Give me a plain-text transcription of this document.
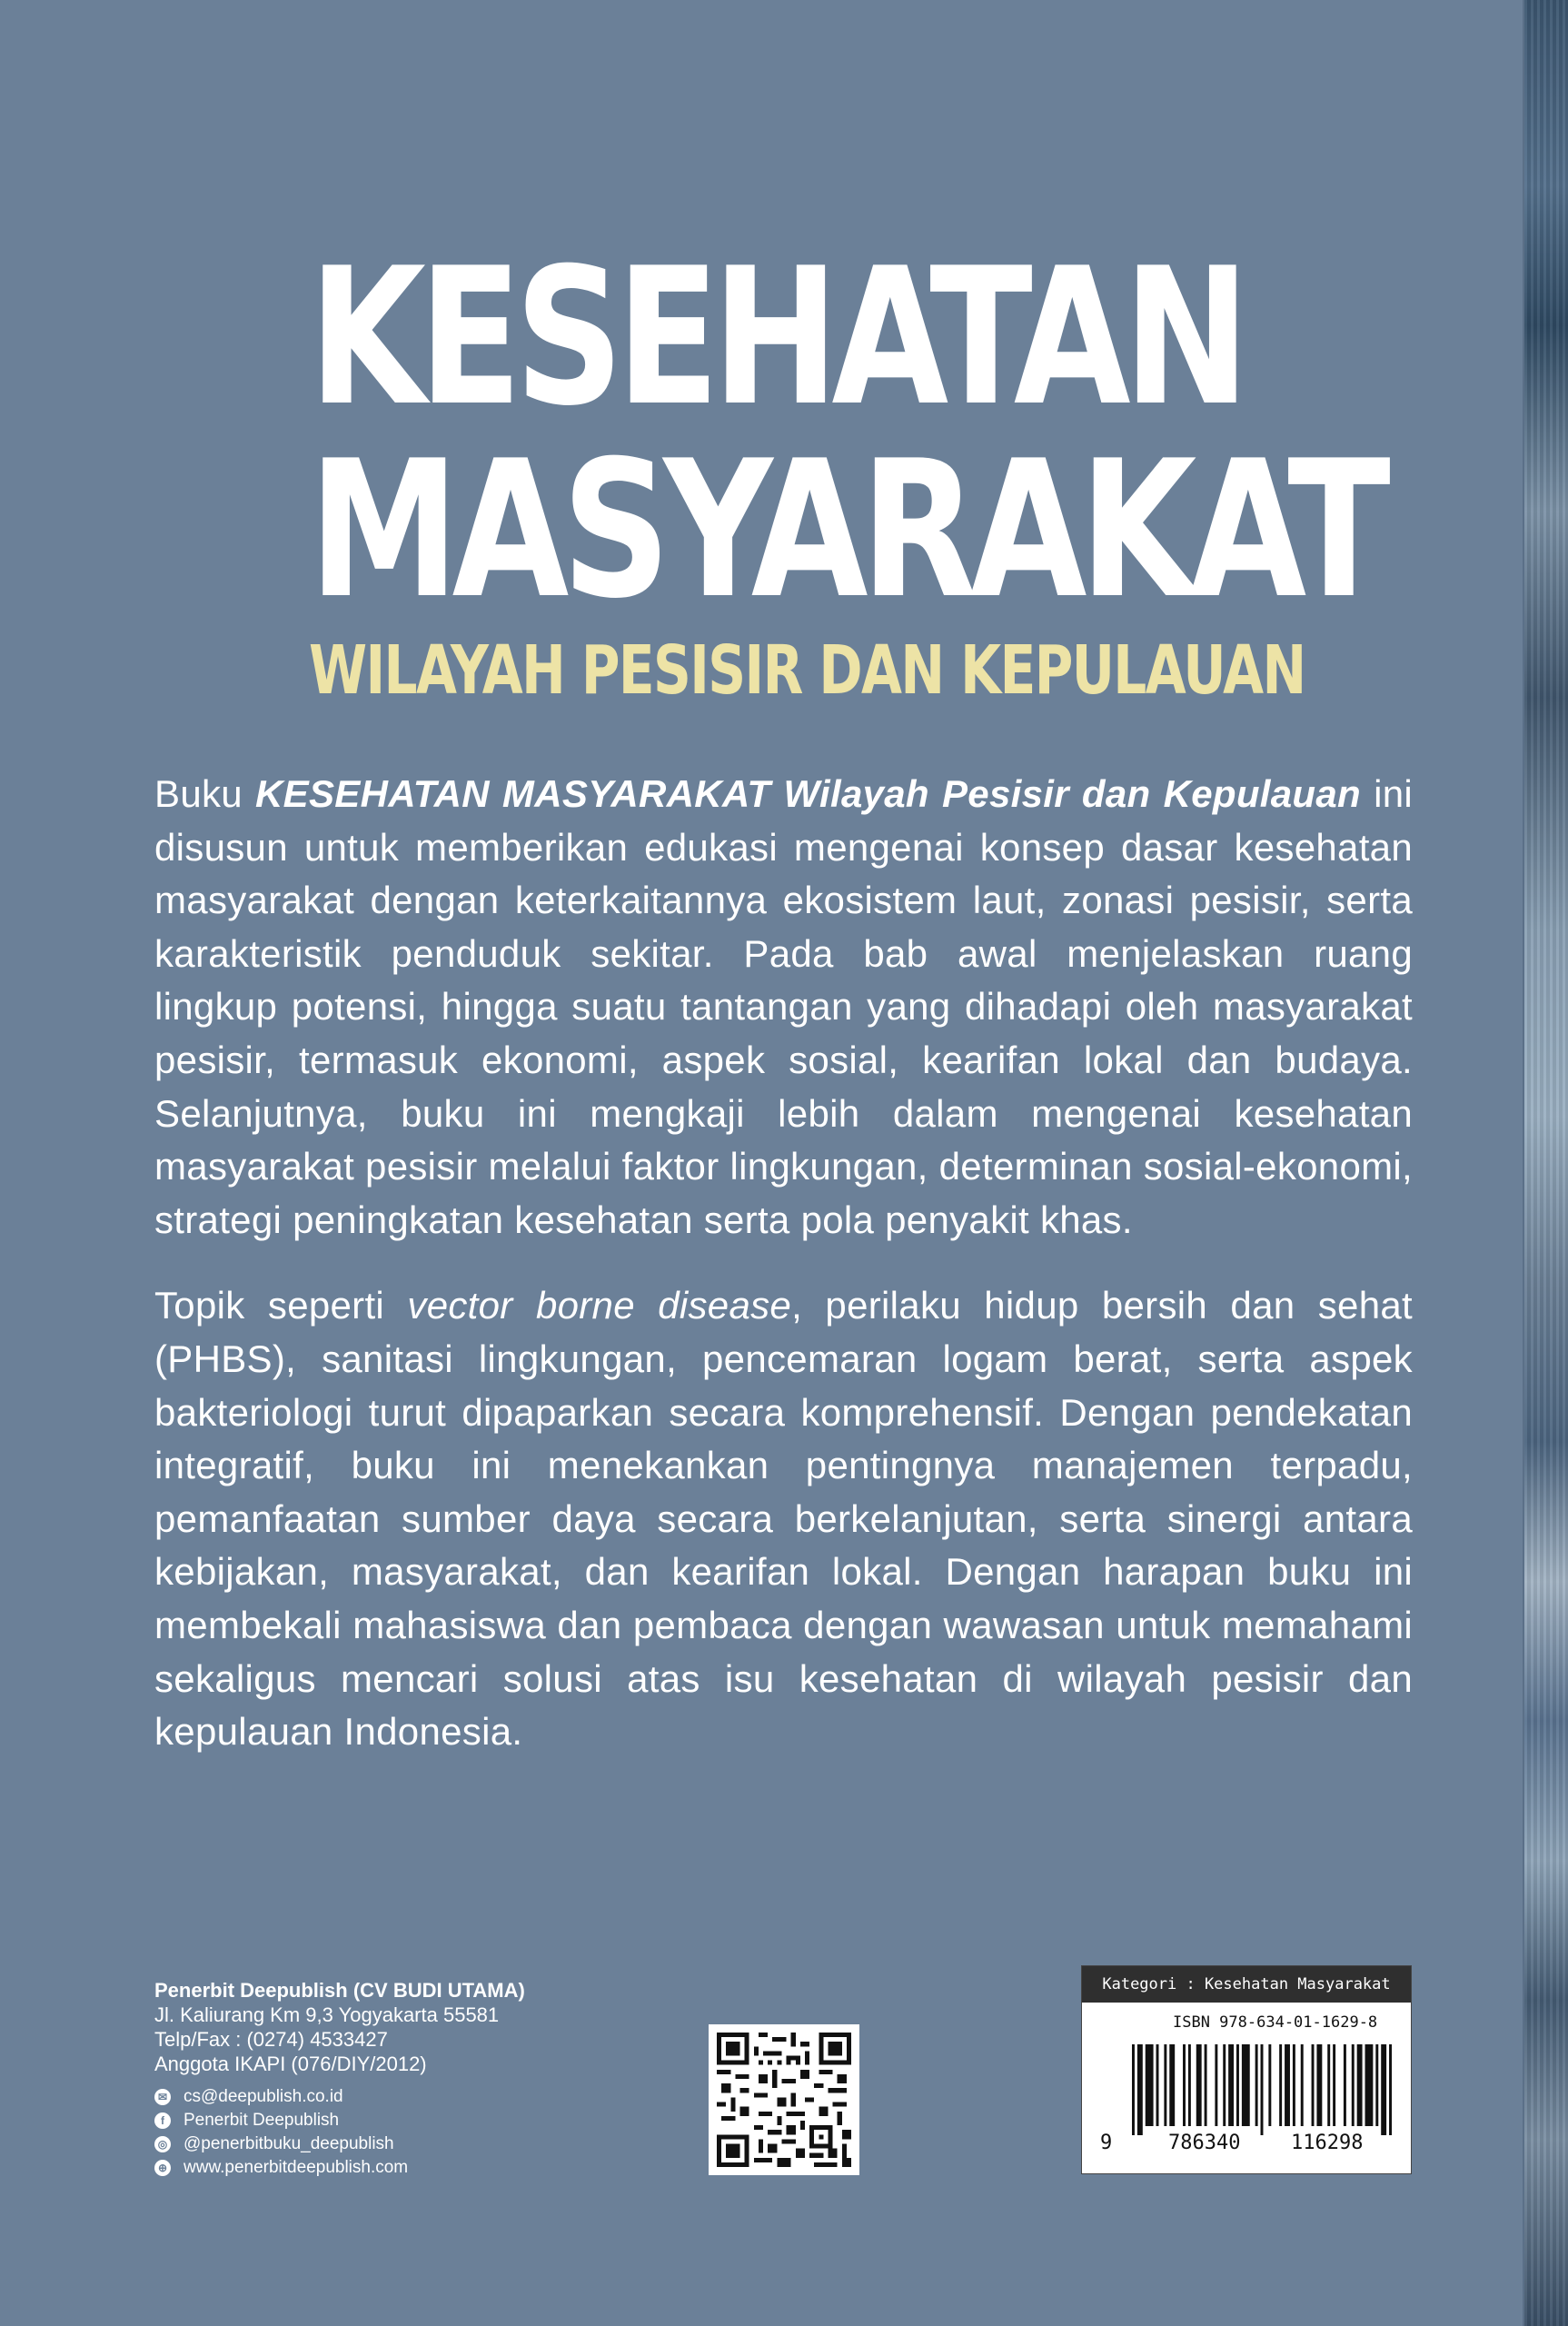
KESEHATAN
MASYARAKAT
WILAYAH PESISIR DAN KEPULAUAN

Buku KESEHATAN MASYARAKAT Wilayah Pesisir dan Kepulauan ini disusun untuk memberikan edukasi mengenai konsep dasar kesehatan masyarakat dengan keterkaitannya ekosistem laut, zonasi pesisir, serta karakteristik penduduk sekitar. Pada bab awal menjelaskan ruang lingkup potensi, hingga suatu tantangan yang dihadapi oleh masyarakat pesisir, termasuk ekonomi, aspek sosial, kearifan lokal dan budaya. Selanjutnya, buku ini mengkaji lebih dalam mengenai kesehatan masyarakat pesisir melalui faktor lingkungan, determinan sosial-ekonomi, strategi peningkatan kesehatan serta pola penyakit khas.

Topik seperti vector borne disease, perilaku hidup bersih dan sehat (PHBS), sanitasi lingkungan, pencemaran logam berat, serta aspek bakteriologi turut dipaparkan secara komprehensif. Dengan pendekatan integratif, buku ini menekankan pentingnya manajemen terpadu, pemanfaatan sumber daya secara berkelanjutan, serta sinergi antara kebijakan, masyarakat, dan kearifan lokal. Dengan harapan buku ini membekali mahasiswa dan pembaca dengan wawasan untuk memahami sekaligus mencari solusi atas isu kesehatan di wilayah pesisir dan kepulauan Indonesia.

Penerbit Deepublish (CV BUDI UTAMA)
Jl. Kaliurang Km 9,3 Yogyakarta 55581
Telp/Fax : (0274) 4533427
Anggota IKAPI (076/DIY/2012)
✉ cs@deepublish.co.id
f	Penerbit Deepublish
◎ @penerbitbuku_deepublish
⊕ www.penerbitdeepublish.com
Kategori : Kesehatan Masyarakat
ISBN 978-634-01-1629-8
9	786340	116298
